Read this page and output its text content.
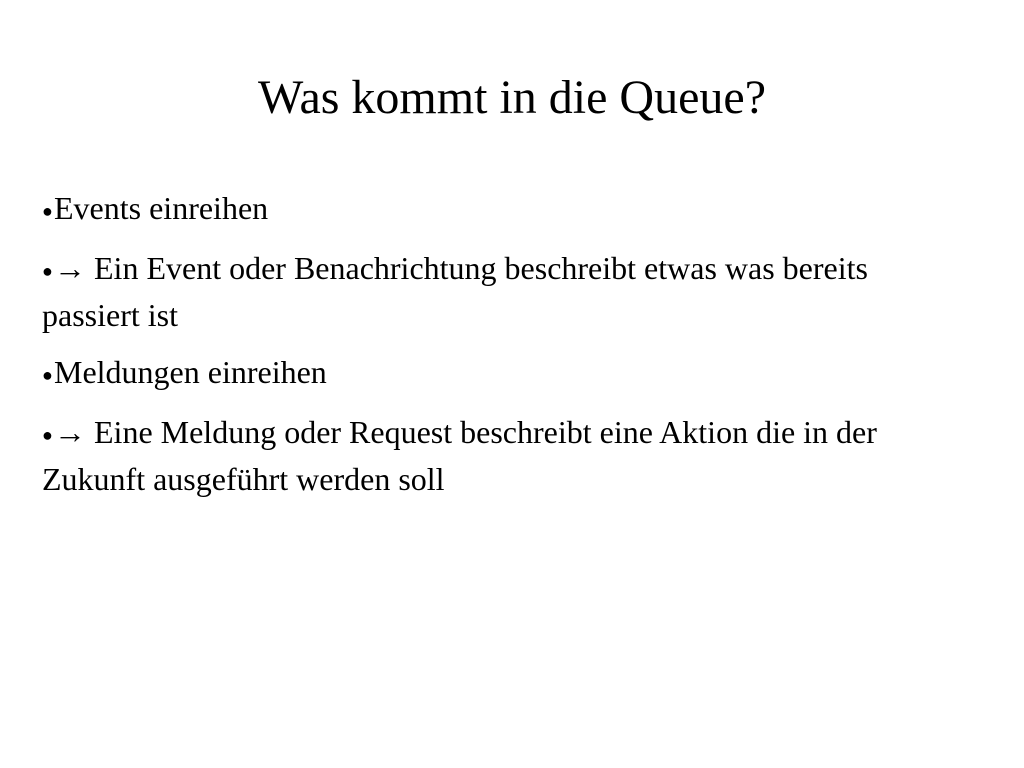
Was kommt in die Queue?
●Events einreihen
●→ Ein Event oder Benachrichtung beschreibt etwas was bereits passiert ist
●Meldungen einreihen
●→ Eine Meldung oder Request beschreibt eine Aktion die in der Zukunft ausgeführt werden soll
